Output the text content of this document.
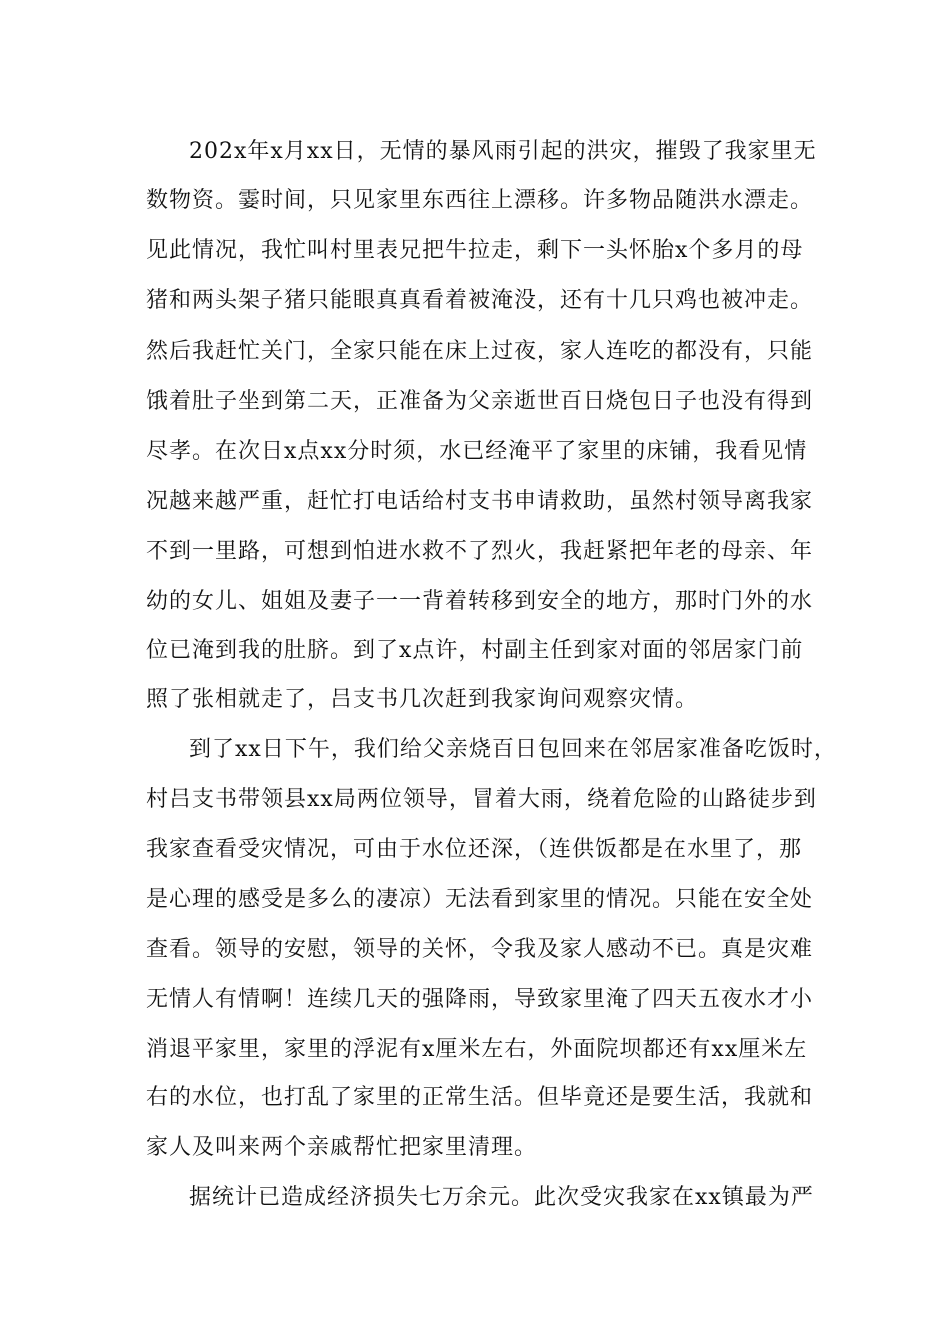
202x年x月xx日，无情的暴风雨引起的洪灾，摧毁了我家里无
数物资。霎时间，只见家里东西往上漂移。许多物品随洪水漂走。
见此情况，我忙叫村里表兄把牛拉走，剩下一头怀胎x个多月的母
猪和两头架子猪只能眼真真看着被淹没，还有十几只鸡也被冲走。
然后我赶忙关门，全家只能在床上过夜，家人连吃的都没有，只能
饿着肚子坐到第二天，正准备为父亲逝世百日烧包日子也没有得到
尽孝。在次日x点xx分时须，水已经淹平了家里的床铺，我看见情
况越来越严重，赶忙打电话给村支书申请救助，虽然村领导离我家
不到一里路，可想到怕进水救不了烈火，我赶紧把年老的母亲、年
幼的女儿、姐姐及妻子一一背着转移到安全的地方，那时门外的水
位已淹到我的肚脐。到了x点许，村副主任到家对面的邻居家门前
照了张相就走了，吕支书几次赶到我家询问观察灾情。
到了xx日下午，我们给父亲烧百日包回来在邻居家准备吃饭时，
村吕支书带领县xx局两位领导，冒着大雨，绕着危险的山路徒步到
我家查看受灾情况，可由于水位还深，（连供饭都是在水里了，那
是心理的感受是多么的凄凉）无法看到家里的情况。只能在安全处
查看。领导的安慰，领导的关怀，令我及家人感动不已。真是灾难
无情人有情啊！连续几天的强降雨，导致家里淹了四天五夜水才小
消退平家里，家里的浮泥有x厘米左右，外面院坝都还有xx厘米左
右的水位，也打乱了家里的正常生活。但毕竟还是要生活，我就和
家人及叫来两个亲戚帮忙把家里清理。
据统计已造成经济损失七万余元。此次受灾我家在xx镇最为严
